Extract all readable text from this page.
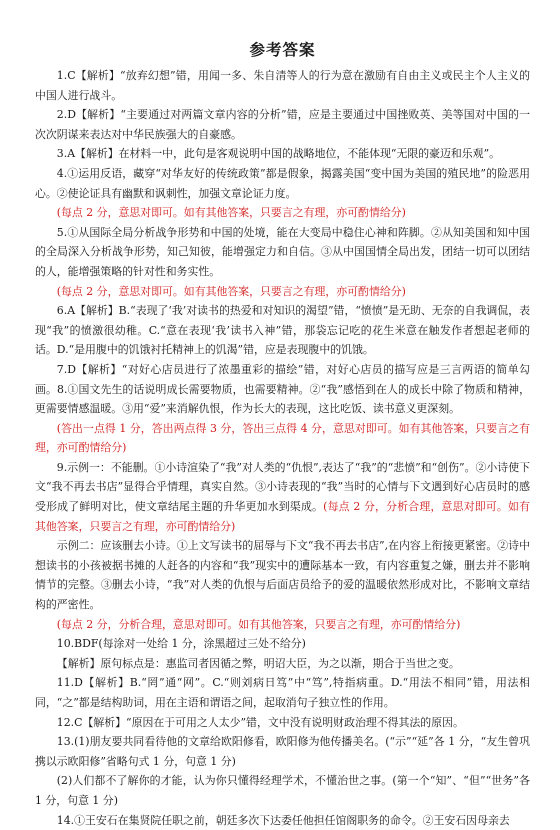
参考答案

1.C【解析】“放弃幻想”错，用闻一多、朱自清等人的行为意在激励有自由主义或民主个人主义的中国人进行战斗。

2.D【解析】“主要通过对两篇文章内容的分析”错，应是主要通过中国挫败英、美等国对中国的一次次阴谋来表达对中华民族强大的自豪感。

3.A【解析】在材料一中，此句是客观说明中国的战略地位，不能体现“无限的豪迈和乐观”。

4.①运用反语，藏穿“对华友好的传统政策”都是假象，揭露美国“变中国为美国的殖民地”的险恶用心。②使论证具有幽默和讽刺性，加强文章论证力度。

(每点 2 分，意思对即可。如有其他答案，只要言之有理，亦可酌情给分)

5.①从国际全局分析战争形势和中国的处境，能在大变局中稳住心神和阵脚。②从知美国和知中国的全局深入分析战争形势，知己知彼，能增强定力和自信。③从中国国情全局出发，团结一切可以团结的人，能增强策略的针对性和务实性。

(每点 2 分，意思对即可。如有其他答案，只要言之有理，亦可酌情给分)

6.A【解析】B.“表现了‘我’对读书的热爱和对知识的渴望”错，“愤愤”是无助、无奈的自我调侃，表现“我”的愤激很幼稚。C.“意在表现‘我’读书入神”错，那袋忘记吃的花生米意在触发作者想起老师的话。D.“是用腹中的饥饿衬托精神上的饥渴”错，应是表现腹中的饥饿。

7.D【解析】“对好心店员进行了浓墨重彩的描绘”错，对好心店员的描写应是三言两语的简单勾画。8.①国文先生的话说明成长需要物质，也需要精神。②“我”感悟到在人的成长中除了物质和精神，更需要情感温暖。③用“爱”来消解仇恨，作为长大的表现，这比吃饭、读书意义更深刻。

(答出一点得 1 分，答出两点得 3 分，答出三点得 4 分，意思对即可。如有其他答案，只要言之有理，亦可酌情给分)

9.示例一：不能删。①小诗渲染了“我”对人类的“仇恨”,表达了“我”的“悲愤”和“创伤”。②小诗使下文“我不再去书店”显得合乎情理，真实自然。③小诗表现的“我”当时的心情与下文遇到好心店员时的感受形成了鲜明对比，使文章结尾主题的升华更加水到渠成。(每点 2 分，分析合理，意思对即可。如有其他答案，只要言之有理，亦可酌情给分)

示例二：应该删去小诗。①上文写读书的屈辱与下文“我不再去书店”,在内容上衔接更紧密。②诗中想读书的小孩被据书摊的人赶各的内容和“我”现实中的遭际基本一致，有内容重复之嫌，删去并不影响情节的完整。③删去小诗，“我”对人类的仇恨与后面店员给予的爱的温暖依然形成对比，不影响文章结构的严密性。

(每点 2 分，分析合理，意思对即可。如有其他答案，只要言之有理，亦可酌情给分)

10.BDF(每涂对一处给 1 分，涂黑超过三处不给分)

【解析】原句标点是：惠监司者因循之弊，明诏大臣，为之以渐，期合于当世之变。

11.D【解析】B.“罔”通“网”。C.“则刘病日笃”中“笃”,特指病重。D.“用法不相同”错，用法相同，“之”都是结构助词，用在主语和谓语之间，起取消句子独立性的作用。

12.C【解析】“原因在于可用之人太少”错，文中没有说明财政治理不得其法的原因。

13.(1)朋友要共同看待他的文章给欧阳修看，欧阳修为他传播美名。(“示”“延”各 1 分，“友生曾巩携以示欧阳修”省略句式 1 分，句意 1 分)

(2)人们都不了解你的才能，认为你只懂得经理学术，不懂治世之事。(第一个“知”、“但”“世务”各 1 分，句意 1 分)

14.①王安石在集贤院任职之前，朝廷多次下达委任他担任馆阁职务的命令。②王安石因母亲去
